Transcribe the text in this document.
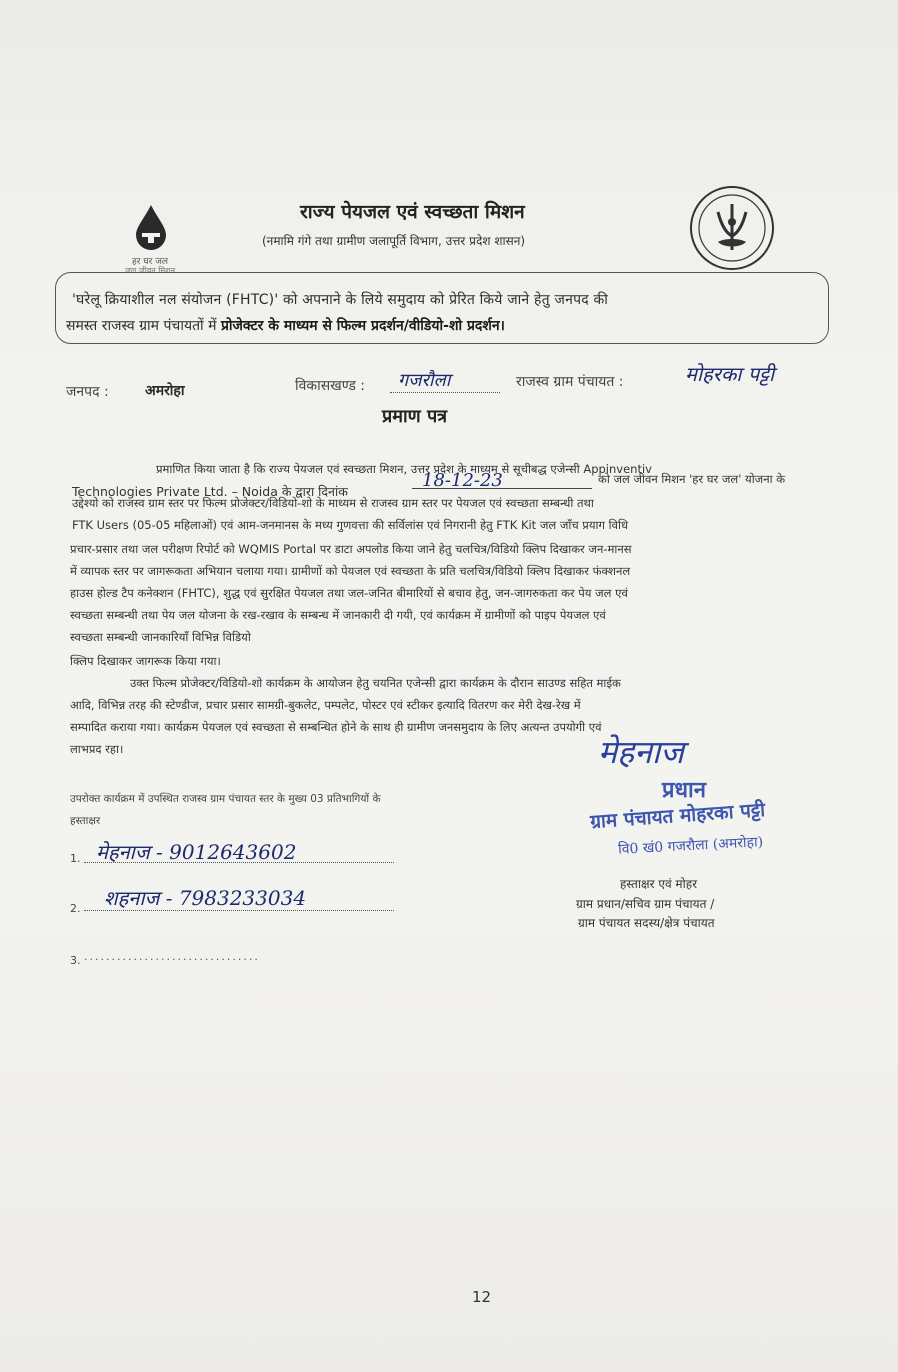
हर घर जल
जल जीवन मिशन
राज्य पेयजल एवं स्वच्छता मिशन
(नमामि गंगे तथा ग्रामीण जलापूर्ति विभाग, उत्तर प्रदेश शासन)
'घरेलू क्रियाशील नल संयोजन (FHTC)' को अपनाने के लिये समुदाय को प्रेरित किये जाने हेतु जनपद की
समस्त राजस्व ग्राम पंचायतों में प्रोजेक्टर के माध्यम से फिल्म प्रदर्शन/वीडियो-शो प्रदर्शन।
जनपद :	अमरोहा	विकासखण्ड : गजरौला	राजस्व ग्राम पंचायत :	मोहरका पट्टी
प्रमाण पत्र
प्रमाणित किया जाता है कि राज्य पेयजल एवं स्वच्छता मिशन, उत्तर प्रदेश के माध्यम से सूचीबद्ध एजेन्सी Appinventiv
Technologies Private Ltd. – Noida के द्वारा दिनांक
18-12-23	को जल जीवन मिशन 'हर घर जल' योजना के
उद्देश्यो को राजस्व ग्राम स्तर पर फिल्म प्रोजेक्टर/विडियो-शो के माध्यम से राजस्व ग्राम स्तर पर पेयजल एवं स्वच्छता सम्बन्धी तथा
FTK Users (05-05 महिलाओं) एवं आम-जनमानस के मध्य गुणवत्ता की सर्विलांस एवं निगरानी हेतु FTK Kit जल जाँच प्रयाग विधि
प्रचार-प्रसार तथा जल परीक्षण रिपोर्ट को WQMIS Portal पर डाटा अपलोड किया जाने हेतु चलचित्र/विडियो क्लिप दिखाकर जन-मानस
में व्यापक स्तर पर जागरूकता अभियान चलाया गया। ग्रामीणों को पेयजल एवं स्वच्छता के प्रति चलचित्र/विडियो क्लिप दिखाकर फंक्शनल
हाउस होल्ड टैप कनेक्शन (FHTC), शुद्ध एवं सुरक्षित पेयजल तथा जल-जनित बीमारियों से बचाव हेतु, जन-जागरुकता कर पेय जल एवं
स्वच्छता सम्बन्धी तथा पेय जल योजना के रख-रखाव के सम्बन्ध में जानकारी दी गयी, एवं कार्यक्रम में ग्रामीणों को पाइप पेयजल एवं
स्वच्छता सम्बन्धी जानकारियाँ विभिन्न विडियो
क्लिप दिखाकर जागरूक किया गया।
उक्त फिल्म प्रोजेक्टर/विडियो-शो कार्यक्रम के आयोजन हेतु चयनित एजेन्सी द्वारा कार्यक्रम के दौरान साउण्ड सहित माईक
आदि, विभिन्न तरह की स्टेण्डीज, प्रचार प्रसार सामग्री-बुकलेट, पम्पलेट, पोस्टर एवं स्टीकर इत्यादि वितरण कर मेरी देख-रेख में
सम्पादित कराया गया। कार्यक्रम पेयजल एवं स्वच्छता से सम्बन्धित होने के साथ ही ग्रामीण जनसमुदाय के लिए अत्यन्त उपयोगी एवं
लाभप्रद रहा।
उपरोक्त कार्यक्रम में उपस्थित राजस्व ग्राम पंचायत स्तर के मुख्य 03 प्रतिभागियों के
हस्ताक्षर
1. मेहनाज - 9012643602
2. शहनाज - 7983233034
3. ................................
मेहनाज
प्रधान
ग्राम पंचायत मोहरका पट्टी
वि0 खं0 गजरौला (अमरोहा)
हस्ताक्षर एवं मोहर
ग्राम प्रधान/सचिव ग्राम पंचायत /
ग्राम पंचायत सदस्य/क्षेत्र पंचायत
12
